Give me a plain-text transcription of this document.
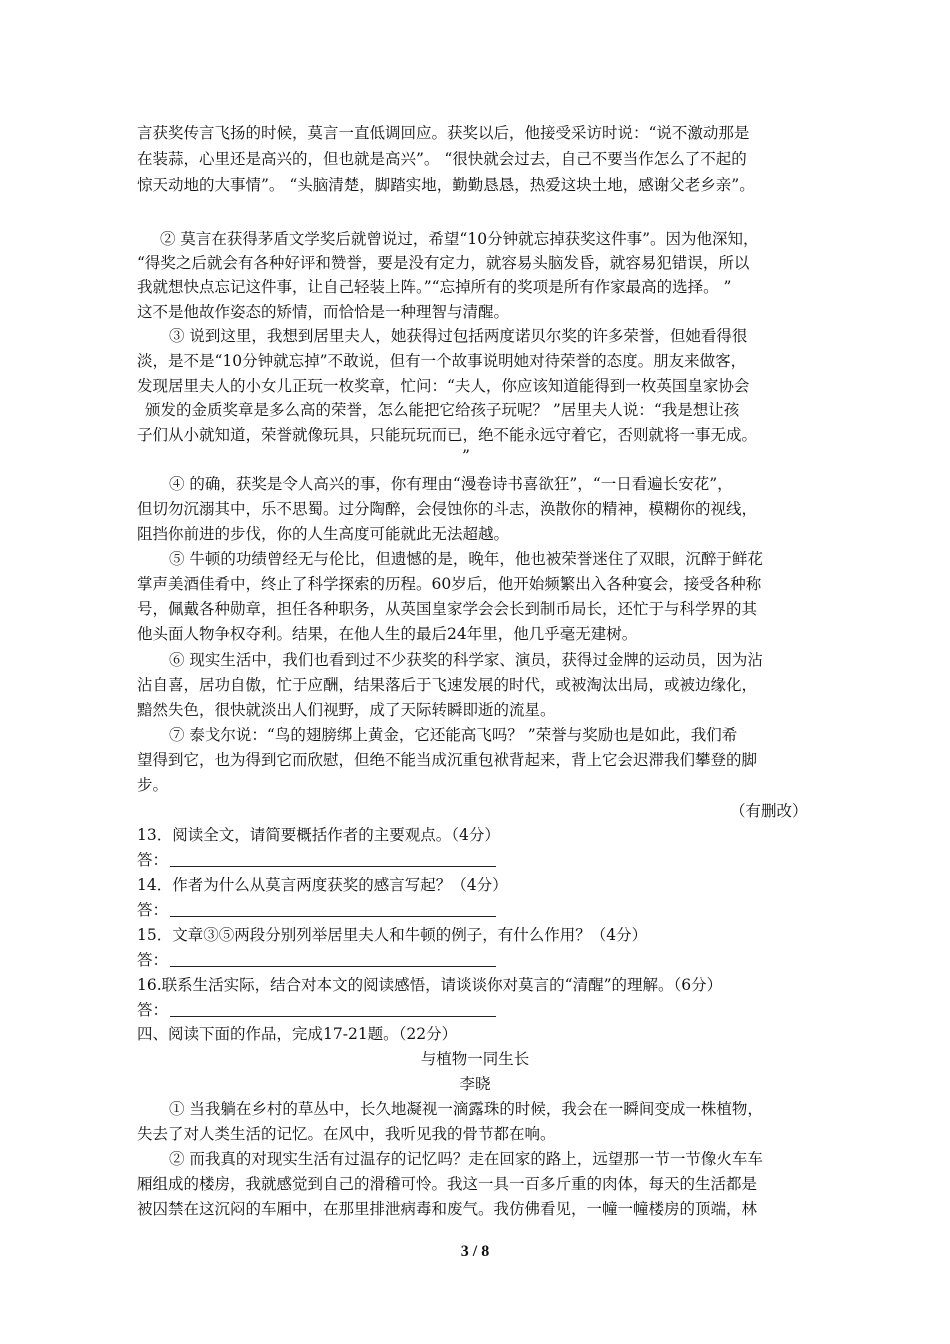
言获奖传言飞扬的时候，莫言一直低调回应。获奖以后，他接受采访时说：“说不激动那是
在装蒜，心里还是高兴的，但也就是高兴”。 “很快就会过去，自己不要当作怎么了不起的
惊天动地的大事情”。 “头脑清楚，脚踏实地，勤勤恳恳，热爱这块土地，感谢父老乡亲”。
② 莫言在获得茅盾文学奖后就曾说过，希望“10分钟就忘掉获奖这件事”。因为他深知，
“得奖之后就会有各种好评和赞誉，要是没有定力，就容易头脑发昏，就容易犯错误，所以
我就想快点忘记这件事，让自己轻装上阵。”“忘掉所有的奖项是所有作家最高的选择。 ”
这不是他故作姿态的矫情，而恰恰是一种理智与清醒。
③ 说到这里，我想到居里夫人，她获得过包括两度诺贝尔奖的许多荣誉，但她看得很
淡，是不是“10分钟就忘掉”不敢说，但有一个故事说明她对待荣誉的态度。朋友来做客，
发现居里夫人的小女儿正玩一枚奖章，忙问：“夫人，你应该知道能得到一枚英国皇家协会
颁发的金质奖章是多么高的荣誉，怎么能把它给孩子玩呢？ ”居里夫人说：“我是想让孩
子们从小就知道，荣誉就像玩具，只能玩玩而已，绝不能永远守着它，否则就将一事无成。
”
④ 的确，获奖是令人高兴的事，你有理由“漫卷诗书喜欲狂”，“一日看遍长安花”，
但切勿沉溺其中，乐不思蜀。过分陶醉，会侵蚀你的斗志，涣散你的精神，模糊你的视线，
阻挡你前进的步伐，你的人生高度可能就此无法超越。
⑤ 牛顿的功绩曾经无与伦比，但遗憾的是，晚年，他也被荣誉迷住了双眼，沉醉于鲜花
掌声美酒佳肴中，终止了科学探索的历程。60岁后，他开始频繁出入各种宴会，接受各种称
号，佩戴各种勋章，担任各种职务，从英国皇家学会会长到制币局长，还忙于与科学界的其
他头面人物争权夺利。结果，在他人生的最后24年里，他几乎毫无建树。
⑥ 现实生活中，我们也看到过不少获奖的科学家、演员，获得过金牌的运动员，因为沾
沾自喜，居功自傲，忙于应酬，结果落后于飞速发展的时代，或被淘汰出局，或被边缘化，
黯然失色，很快就淡出人们视野，成了天际转瞬即逝的流星。
⑦ 泰戈尔说：“鸟的翅膀绑上黄金，它还能高飞吗？ ”荣誉与奖励也是如此，我们希
望得到它，也为得到它而欣慰，但绝不能当成沉重包袱背起来，背上它会迟滞我们攀登的脚
步。
（有删改）
13．阅读全文，请简要概括作者的主要观点。（4分）
答：
14．作者为什么从莫言两度获奖的感言写起？（4分）
答：
15．文章③⑤两段分别列举居里夫人和牛顿的例子，有什么作用？（4分）
答：
16.联系生活实际，结合对本文的阅读感悟，请谈谈你对莫言的“清醒”的理解。（6分）
答：
四、阅读下面的作品，完成17-21题。（22分）
与植物一同生长
李晓
① 当我躺在乡村的草丛中，长久地凝视一滴露珠的时候，我会在一瞬间变成一株植物，
失去了对人类生活的记忆。在风中，我听见我的骨节都在响。
② 而我真的对现实生活有过温存的记忆吗？走在回家的路上，远望那一节一节像火车车
厢组成的楼房，我就感觉到自己的滑稽可怜。我这一具一百多斤重的肉体，每天的生活都是
被囚禁在这沉闷的车厢中，在那里排泄病毒和废气。我仿佛看见，一幢一幢楼房的顶端，林
3 / 8
